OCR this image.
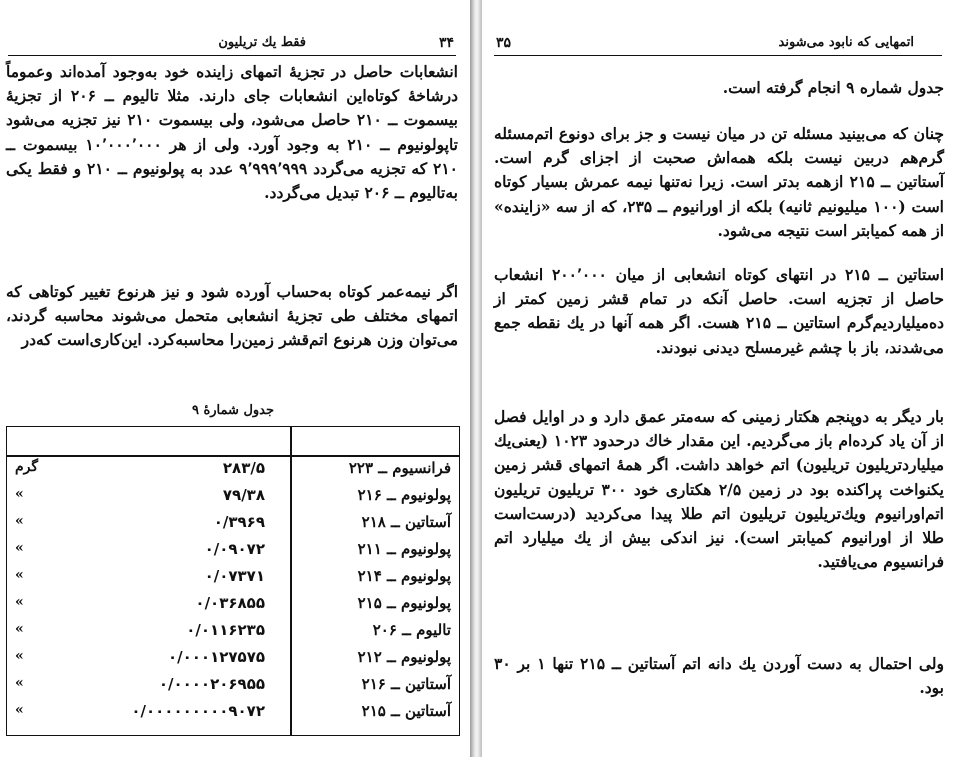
۳۴
فقط یك تریلیون

انشعابات حاصل در تجزیهٔ اتمهای زاینده خود به‌وجود آمده‌اند وعموماً درشاخهٔ کوتاه‌این انشعابات جای دارند. مثلا تالیوم ــ ۲۰۶ از تجزیهٔ بیسموت ــ ۲۱۰ حاصل می‌شود، ولی بیسموت ۲۱۰ نیز تجزیه می‌شود تاپولونیوم ــ ۲۱۰ به وجود آورد. ولی از هر ۱۰٬۰۰۰٬۰۰۰ بیسموت ــ ۲۱۰ که تجزیه می‌گردد ۹٬۹۹۹٬۹۹۹ عدد به پولونیوم ــ ۲۱۰ و فقط یکی به‌تالیوم ــ ۲۰۶ تبدیل می‌گردد.

اگر نیمه‌عمر کوتاه به‌حساب آورده شود و نیز هرنوع تغییر کوتاهی که اتمهای مختلف طی تجزیهٔ انشعابی متحمل می‌شوند محاسبه گردند، می‌توان وزن هرنوع اتم‌قشر زمین‌را محاسبه‌کرد. این‌کاری‌است که‌در

جدول شمارهٔ ۹
فرانسیوم ــ ۲۲۳
۲۸۳/۵
گرم
پولونیوم ــ ۲۱۶
۷۹/۳۸
»
آستاتین ــ ۲۱۸
۰/۳۹۶۹
»
پولونیوم ــ ۲۱۱
۰/۰۹۰۷۲
»
پولونیوم ــ ۲۱۴
۰/۰۷۳۷۱
»
پولونیوم ــ ۲۱۵
۰/۰۳۶۸۵۵
»
تالیوم ــ ۲۰۶
۰/۰۱۱۶۲۳۵
»
پولونیوم ــ ۲۱۲
۰/۰۰۰۱۲۷۵۷۵
»
آستاتین ــ ۲۱۶
۰/۰۰۰۰۲۰۶۹۵۵
»
آستاتین ــ ۲۱۵
۰/۰۰۰۰۰۰۰۰۰۹۰۷۲
»
اتمهایی که نابود می‌شوند
۳۵

جدول شماره ۹ انجام گرفته است.

چنان که می‌بینید مسئله تن در میان نیست و جز برای دونوع اتم‌مسئله گرم‌هم دربین نیست بلکه همه‌اش صحبت از اجزای گرم است. آستاتین ــ ۲۱۵ ازهمه بدتر است. زیرا نه‌تنها نیمه عمرش بسیار کوتاه است (۱۰۰ میلیونیم ثانیه) بلکه از اورانیوم ــ ۲۳۵، که از سه «زاینده» از همه کمیابتر است نتیجه می‌شود.

استاتین ــ ۲۱۵ در انتهای کوتاه انشعابی از میان ۲۰۰٬۰۰۰ انشعاب حاصل از تجزیه است. حاصل آنکه در تمام قشر زمین کمتر از ده‌میلیاردیم‌گرم استاتین ــ ۲۱۵ هست. اگر همه آنها در یك نقطه جمع می‌شدند، باز با چشم غیرمسلح دیدنی نبودند.

بار دیگر به دوپنجم هکتار زمینی که سه‌متر عمق دارد و در اوایل فصل از آن یاد کرده‌ام باز می‌گردیم. این مقدار خاك درحدود ۱۰۲۳ (یعنی‌یك میلیاردتریلیون تریلیون) اتم خواهد داشت. اگر همهٔ اتمهای قشر زمین یکنواخت پراکنده بود در زمین ۲/۵ هکتاری خود ۳۰۰ تریلیون تریلیون اتم‌اورانیوم ویك‌تریلیون تریلیون اتم طلا پیدا می‌کردید (درست‌است طلا از اورانیوم کمیابتر است). نیز اندکی بیش از یك میلیارد اتم فرانسیوم می‌یافتید.

ولی احتمال به دست آوردن یك دانه اتم آستاتین ــ ۲۱۵ تنها ۱ بر ۳۰ بود.
